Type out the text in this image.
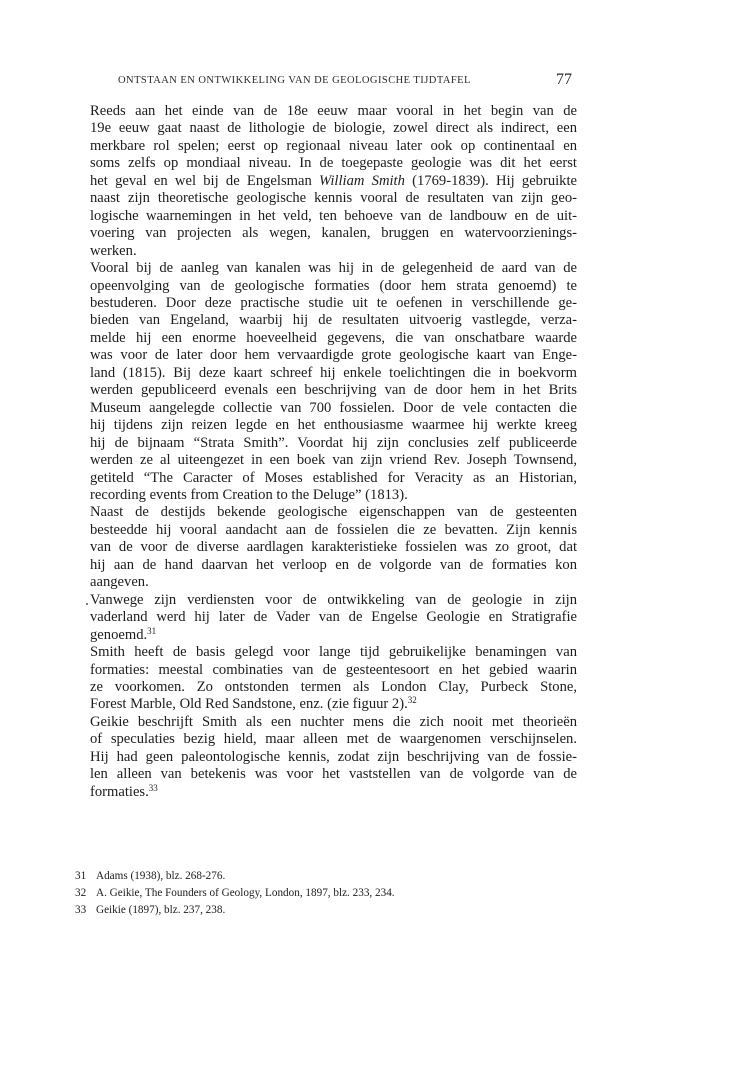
ONTSTAAN EN ONTWIKKELING VAN DE GEOLOGISCHE TIJDTAFEL	77
Reeds aan het einde van de 18e eeuw maar vooral in het begin van de
19e eeuw gaat naast de lithologie de biologie, zowel direct als indirect, een
merkbare rol spelen; eerst op regionaal niveau later ook op continentaal en
soms zelfs op mondiaal niveau. In de toegepaste geologie was dit het eerst
het geval en wel bij de Engelsman William Smith (1769-1839). Hij gebruikte
naast zijn theoretische geologische kennis vooral de resultaten van zijn geo-
logische waarnemingen in het veld, ten behoeve van de landbouw en de uit-
voering van projecten als wegen, kanalen, bruggen en watervoorzienings-
werken.
Vooral bij de aanleg van kanalen was hij in de gelegenheid de aard van de
opeenvolging van de geologische formaties (door hem strata genoemd) te
bestuderen. Door deze practische studie uit te oefenen in verschillende ge-
bieden van Engeland, waarbij hij de resultaten uitvoerig vastlegde, verza-
melde hij een enorme hoeveelheid gegevens, die van onschatbare waarde
was voor de later door hem vervaardigde grote geologische kaart van Enge-
land (1815). Bij deze kaart schreef hij enkele toelichtingen die in boekvorm
werden gepubliceerd evenals een beschrijving van de door hem in het Brits
Museum aangelegde collectie van 700 fossielen. Door de vele contacten die
hij tijdens zijn reizen legde en het enthousiasme waarmee hij werkte kreeg
hij de bijnaam “Strata Smith”. Voordat hij zijn conclusies zelf publiceerde
werden ze al uiteengezet in een boek van zijn vriend Rev. Joseph Townsend,
getiteld “The Caracter of Moses established for Veracity as an Historian,
recording events from Creation to the Deluge” (1813).
Naast de destijds bekende geologische eigenschappen van de gesteenten
besteedde hij vooral aandacht aan de fossielen die ze bevatten. Zijn kennis
van de voor de diverse aardlagen karakteristieke fossielen was zo groot, dat
hij aan de hand daarvan het verloop en de volgorde van de formaties kon
aangeven.
Vanwege zijn verdiensten voor de ontwikkeling van de geologie in zijn
vaderland werd hij later de Vader van de Engelse Geologie en Stratigrafie
genoemd.$^{31}$
Smith heeft de basis gelegd voor lange tijd gebruikelijke benamingen van
formaties: meestal combinaties van de gesteentesoort en het gebied waarin
ze voorkomen. Zo ontstonden termen als London Clay, Purbeck Stone,
Forest Marble, Old Red Sandstone, enz. (zie figuur 2).$^{32}$
Geikie beschrijft Smith als een nuchter mens die zich nooit met theorieën
of speculaties bezig hield, maar alleen met de waargenomen verschijnselen.
Hij had geen paleontologische kennis, zodat zijn beschrijving van de fossie-
len alleen van betekenis was voor het vaststellen van de volgorde van de
formaties.$^{33}$
31 Adams (1938), blz. 268-276.
32 A. Geikie, The Founders of Geology, London, 1897, blz. 233, 234.
33 Geikie (1897), blz. 237, 238.
